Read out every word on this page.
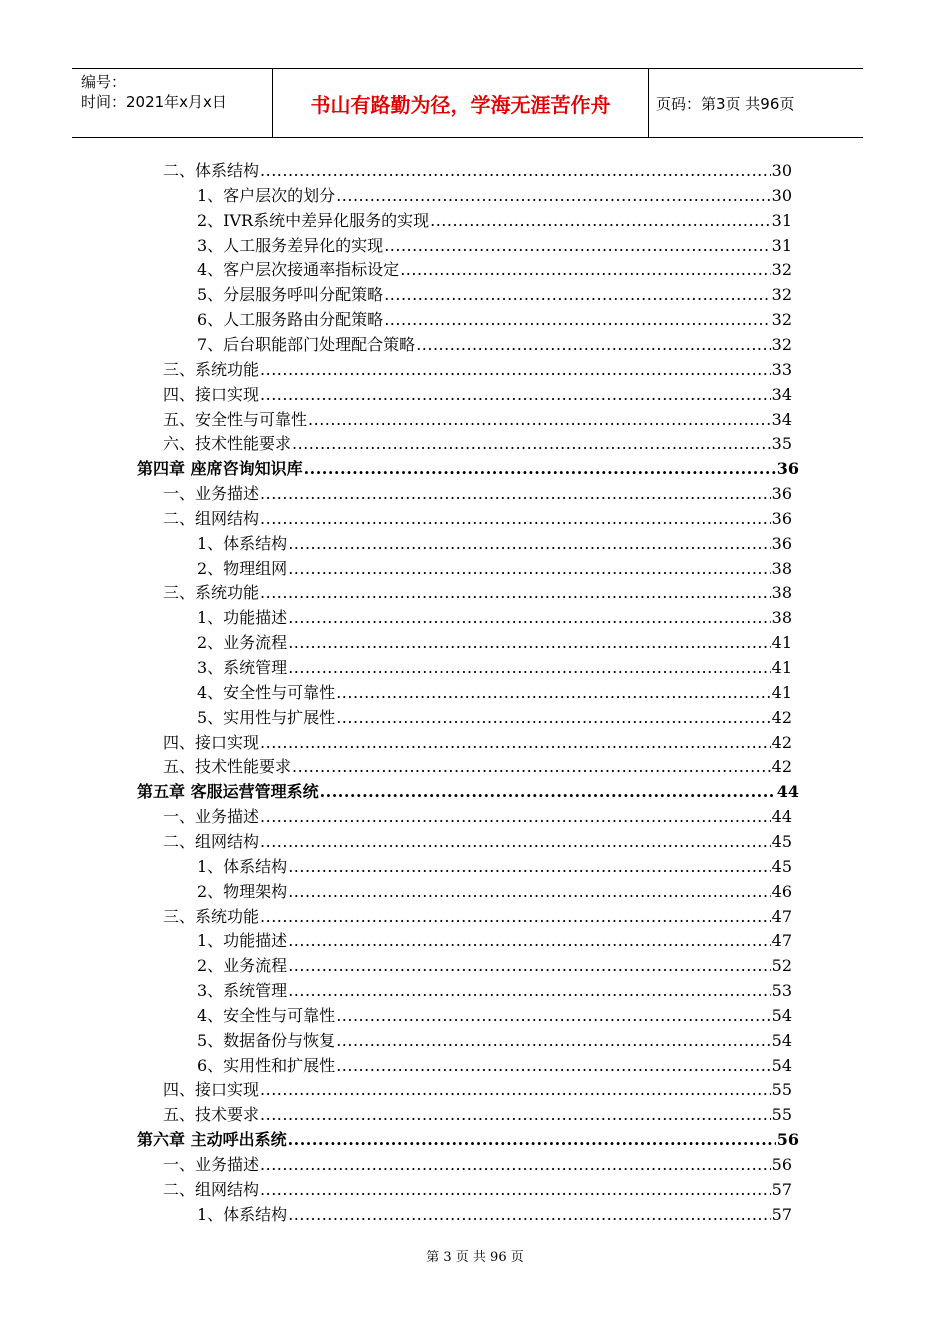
编号：
时间：2021年x月x日	书山有路勤为径，学海无涯苦作舟	页码：第3页 共96页
二、体系结构 .....	30
1、客户层次的划分 .....	30
2、IVR系统中差异化服务的实现 .....	31
3、人工服务差异化的实现 .....	31
4、客户层次接通率指标设定 .....	32
5、分层服务呼叫分配策略 .....	32
6、人工服务路由分配策略 .....	32
7、后台职能部门处理配合策略 .....	32
三、系统功能 .....	33
四、接口实现 .....	34
五、安全性与可靠性 .....	34
六、技术性能要求 .....	35
第四章 座席咨询知识库 .....	36
一、业务描述 .....	36
二、组网结构 .....	36
1、体系结构 .....	36
2、物理组网 .....	38
三、系统功能 .....	38
1、功能描述 .....	38
2、业务流程 .....	41
3、系统管理 .....	41
4、安全性与可靠性 .....	41
5、实用性与扩展性 .....	42
四、接口实现 .....	42
五、技术性能要求 .....	42
第五章 客服运营管理系统 .....	44
一、业务描述 .....	44
二、组网结构 .....	45
1、体系结构 .....	45
2、物理架构 .....	46
三、系统功能 .....	47
1、功能描述 .....	47
2、业务流程 .....	52
3、系统管理 .....	53
4、安全性与可靠性 .....	54
5、数据备份与恢复 .....	54
6、实用性和扩展性 .....	54
四、接口实现 .....	55
五、技术要求 .....	55
第六章 主动呼出系统 .....	56
一、业务描述 .....	56
二、组网结构 .....	57
1、体系结构 .....	57
第 3 页 共 96 页
